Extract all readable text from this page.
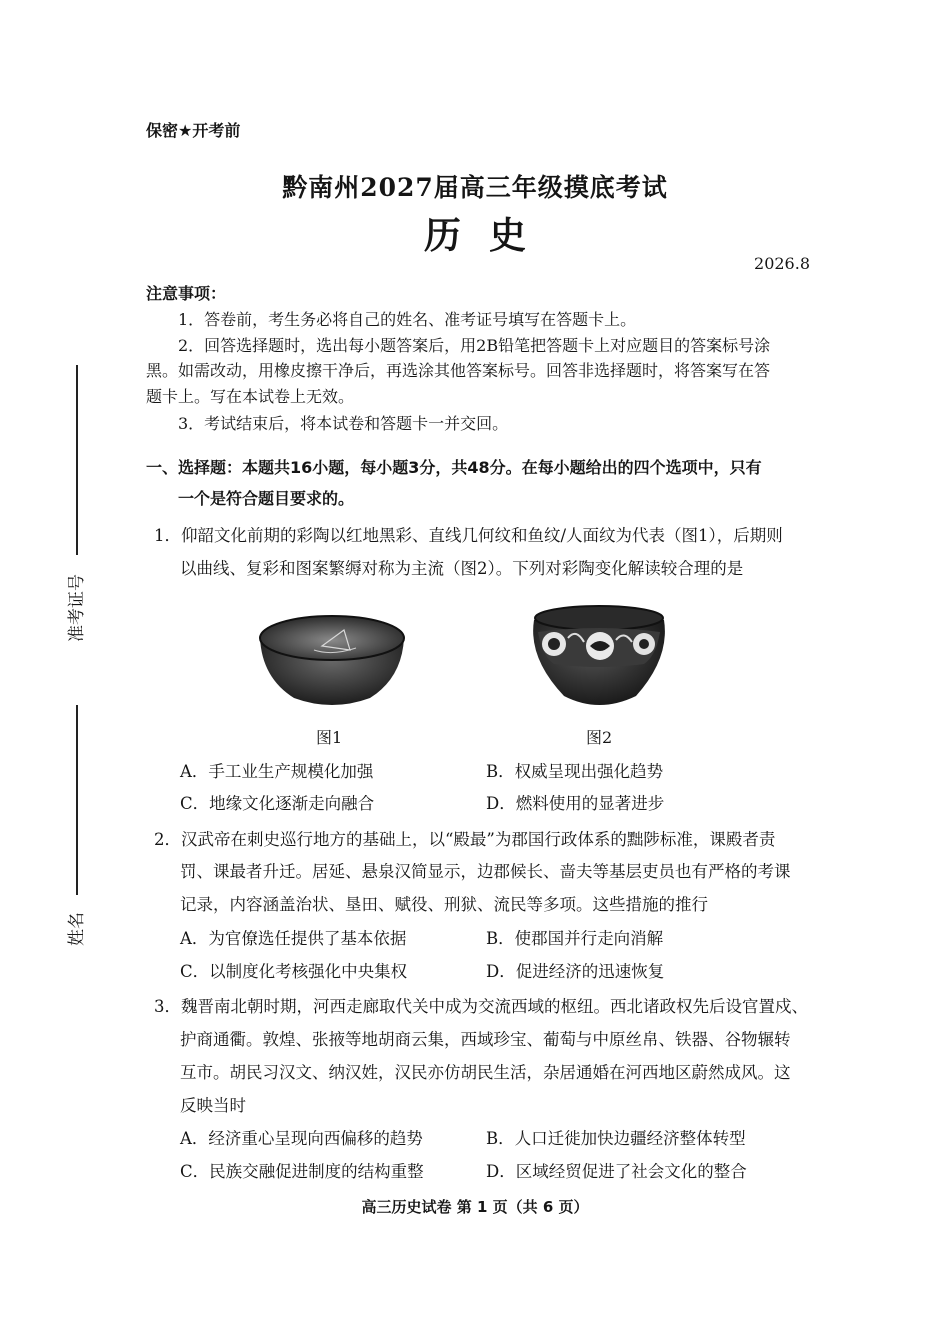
准考证号
姓名
保密★开考前
黔南州2027届高三年级摸底考试
历史
2026.8
注意事项：
1．答卷前，考生务必将自己的姓名、准考证号填写在答题卡上。
2．回答选择题时，选出每小题答案后，用2B铅笔把答题卡上对应题目的答案标号涂
黑。如需改动，用橡皮擦干净后，再选涂其他答案标号。回答非选择题时，将答案写在答
题卡上。写在本试卷上无效。
3．考试结束后，将本试卷和答题卡一并交回。
一、选择题：本题共16小题，每小题3分，共48分。在每小题给出的四个选项中，只有
一个是符合题目要求的。
1．仰韶文化前期的彩陶以红地黑彩、直线几何纹和鱼纹/人面纹为代表（图1），后期则
以曲线、复彩和图案繁缛对称为主流（图2）。下列对彩陶变化解读较合理的是
图1	图2
A．手工业生产规模化加强	B．权威呈现出强化趋势
C．地缘文化逐渐走向融合	D．燃料使用的显著进步
2．汉武帝在刺史巡行地方的基础上，以“殿最”为郡国行政体系的黜陟标准，课殿者责
罚、课最者升迁。居延、悬泉汉简显示，边郡候长、啬夫等基层吏员也有严格的考课
记录，内容涵盖治状、垦田、赋役、刑狱、流民等多项。这些措施的推行
A．为官僚选任提供了基本依据	B．使郡国并行走向消解
C．以制度化考核强化中央集权	D．促进经济的迅速恢复
3．魏晋南北朝时期，河西走廊取代关中成为交流西域的枢纽。西北诸政权先后设官置戍、
护商通衢。敦煌、张掖等地胡商云集，西域珍宝、葡萄与中原丝帛、铁器、谷物辗转
互市。胡民习汉文、纳汉姓，汉民亦仿胡民生活，杂居通婚在河西地区蔚然成风。这
反映当时
A．经济重心呈现向西偏移的趋势	B．人口迁徙加快边疆经济整体转型
C．民族交融促进制度的结构重整	D．区域经贸促进了社会文化的整合
高三历史试卷 第 1 页（共 6 页）
